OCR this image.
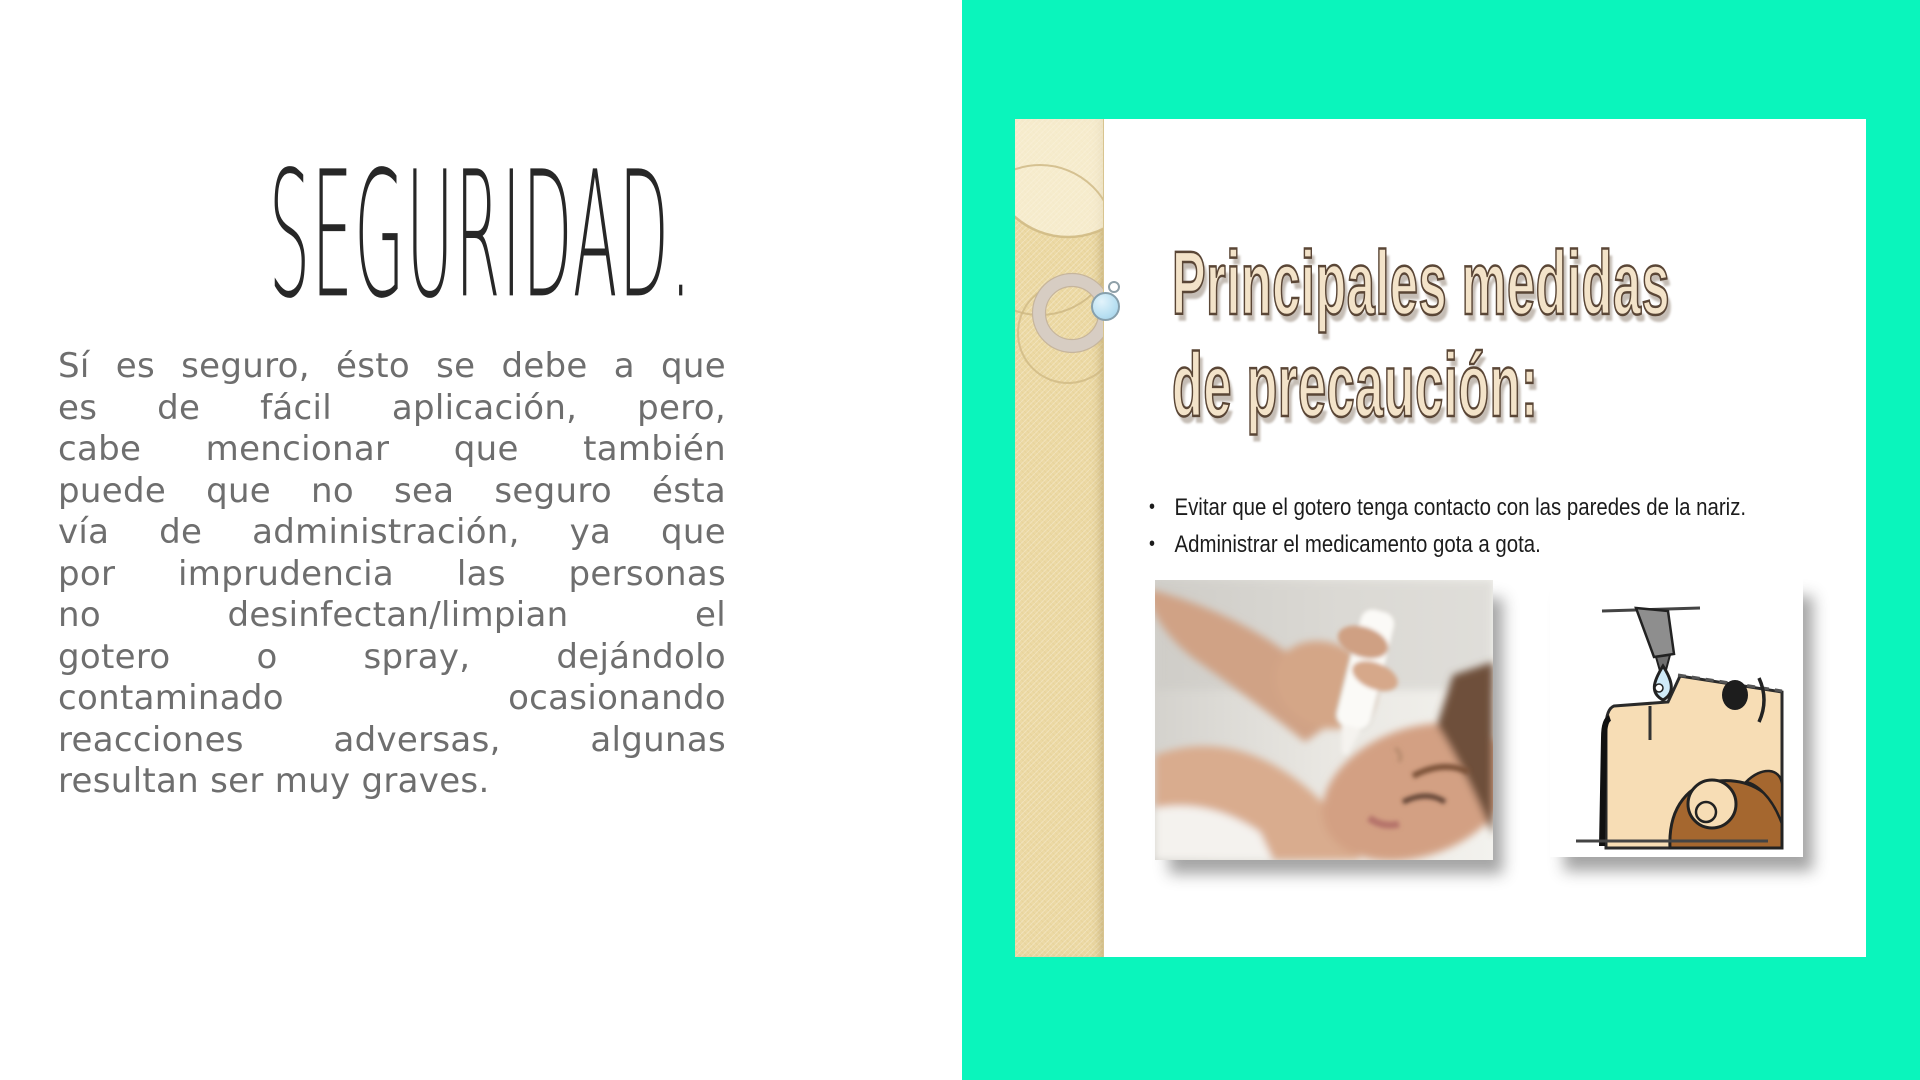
SEGURIDAD.
Sí es seguro, ésto se debe a que
es de fácil aplicación, pero,
cabe mencionar que también
puede que no sea seguro ésta
vía de administración, ya que
por imprudencia las personas
no desinfectan/limpian el
gotero o spray, dejándolo
contaminado ocasionando
reacciones adversas, algunas
resultan ser muy graves.
Principales medidas
de precaución:
• Evitar que el gotero tenga contacto con las paredes de la nariz.
• Administrar el medicamento gota a gota.
